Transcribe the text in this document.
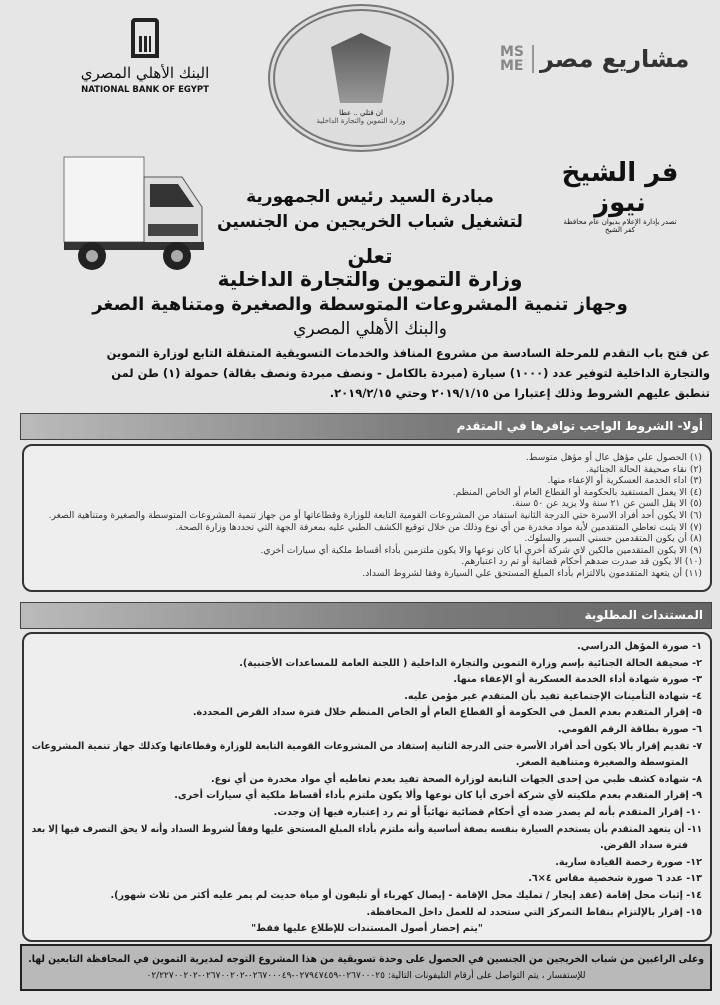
البنك الأهلي المصري
NATIONAL BANK OF EGYPT
ان قتلي .. عطا
وزارة التموين والتجارة الداخلية
MS ME مشاريع مصر
فر الشيخ نيوز
تصدر بإدارة الإعلام بديوان عام محافظة كفر الشيخ
مبادرة السيد رئيس الجمهورية
لتشغيل شباب الخريجين من الجنسين
تعلن
وزارة التموين والتجارة الداخلية
وجهاز تنمية المشروعات المتوسطة والصغيرة ومتناهية الصغر
والبنك الأهلي المصري
عن فتح باب التقدم للمرحلة السادسة من مشروع المنافذ والخدمات التسويقية المتنقلة التابع لوزارة التموين
والتجارة الداخلية لتوفير عدد (١٠٠٠) سيارة (مبردة بالكامل - ونصف مبردة ونصف بقالة) حمولة (١) طن لمن
تنطبق عليهم الشروط وذلك إعتبارا من ٢٠١٩/١/١٥ وحتي ٢٠١٩/٢/١٥.
أولا- الشروط الواجب توافرها في المتقدم
(١) الحصول علي مؤهل عال أو مؤهل متوسط.
(٢) نقاء صحيفة الحالة الجنائية.
(٣) اداء الخدمة العسكرية أو الإعفاء منها.
(٤) الا يعمل المستفيد بالحكومة أو القطاع العام أو الخاص المنظم.
(٥) الا يقل السن عن ٢١ سنة ولا يزيد عن ٥٠ سنة.
(٦) الا يكون أحد أفراد الاسرة حتي الدرجة الثانية استفاد من المشروعات القومية التابعة للوزارة وقطاعاتها أو من جهاز تنمية المشروعات المتوسطة والصغيرة ومتناهية الصغر.
(٧) الا يثبت تعاطي المتقدمين لأية مواد مخدرة من أي نوع وذلك من خلال توقيع الكشف الطبي عليه بمعرفة الجهة التي تحددها وزارة الصحة.
(٨) أن يكون المتقدمين حسني السير والسلوك.
(٩) الا يكون المتقدمين مالكين لاي شركة أخري أيا كان نوعها والا يكون ملتزمين بأداء أقساط ملكية أي سيارات أخري.
(١٠) الا يكون قد صدرت ضدهم أحكام قضائية أو تم رد اعتبارهم.
(١١) أن يتعهد المتقدمون بالالتزام بأداء المبلغ المستحق علي السيارة وفقا لشروط السداد.
المستندات المطلوبة
١- صورة المؤهل الدراسي.
٢- صحيفة الحالة الجنائية بإسم وزارة التموين والتجارة الداخلية ( اللجنة العامة للمساعدات الأجنبية).
٣- صورة شهادة أداء الخدمة العسكرية أو الإعفاء منها.
٤- شهادة التأمينات الإجتماعية تفيد بأن المتقدم غير مؤمن عليه.
٥- إقرار المتقدم بعدم العمل في الحكومة أو القطاع العام أو الخاص المنظم خلال فترة سداد القرض المحددة.
٦- صورة بطاقة الرقم القومي.
٧- تقديم إقرار بألا يكون أحد أفراد الأسرة حتى الدرجة الثانية إستفاد من المشروعات القومية التابعة للوزارة وقطاعاتها وكذلك جهاز تنمية المشروعات
المتوسطة والصغيرة ومتناهية الصغر.
٨- شهادة كشف طبي من إحدى الجهات التابعة لوزارة الصحة تفيد بعدم تعاطيه أي مواد مخدرة من أي نوع.
٩- إقرار المتقدم بعدم ملكيته لأي شركة أخرى أيا كان نوعها وألا يكون ملتزم بأداء أقساط ملكية أي سيارات أخرى.
١٠- إقرار المتقدم بأنه لم يصدر ضده أي أحكام قضائية نهائياً أو تم رد إعتباره فيها إن وجدت.
١١- أن يتعهد المتقدم بأن يستخدم السيارة بنفسه بصفة أساسية وأنه ملتزم بأداء المبلغ المستحق عليها وفقاً لشروط السداد وأنه لا يحق التصرف فيها إلا بعد
فترة سداد القرض.
١٢- صورة رخصة القيادة سارية.
١٣- عدد ٦ صورة شخصية مقاس ٤×٦.
١٤- إثبات محل إقامة (عقد إيجار / تمليك محل الإقامة - إيصال كهرباء أو تليفون أو مياة حديث لم يمر عليه أكثر من ثلاث شهور).
١٥- إقرار بالإلتزام بنقاط التمركز التي ستحدد له للعمل داخل المحافظة.
"يتم إحضار أصول المستندات للإطلاع عليها فقط"
وعلى الراغبين من شباب الخريجين من الجنسين في الحصول على وحدة تسويقية من هذا المشروع التوجه لمديرية التموين في المحافظة التابعين لها.
للإستفسار ، يتم التواصل على أرقام التليفونات التالية: ٠٢٦٧٠٠٠٢٥-٠٢٧٩٤٧٤٥٩-٠٢٦٧٠٠٠٤٩-٠٢٦٧٠٠٢٠٢-٠٢/٢٢٧٠٠٢٠٢
